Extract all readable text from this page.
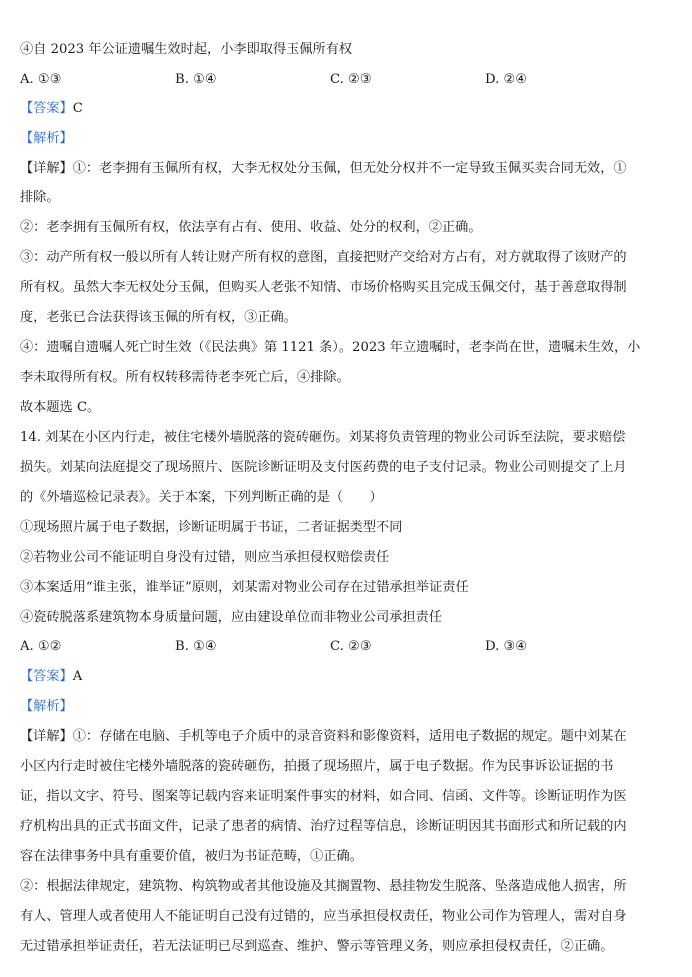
④自 2023 年公证遗嘱生效时起，小李即取得玉佩所有权
A. ①③	B. ①④	C. ②③	D. ②④
【答案】C
【解析】
【详解】①：老李拥有玉佩所有权，大李无权处分玉佩，但无处分权并不一定导致玉佩买卖合同无效，①
排除。
②：老李拥有玉佩所有权，依法享有占有、使用、收益、处分的权利，②正确。
③：动产所有权一般以所有人转让财产所有权的意图，直接把财产交给对方占有，对方就取得了该财产的
所有权。虽然大李无权处分玉佩，但购买人老张不知情、市场价格购买且完成玉佩交付，基于善意取得制
度，老张已合法获得该玉佩的所有权，③正确。
④：遗嘱自遗嘱人死亡时生效（《民法典》第 1121 条）。2023 年立遗嘱时，老李尚在世，遗嘱未生效，小
李未取得所有权。所有权转移需待老李死亡后，④排除。
故本题选 C。
14. 刘某在小区内行走，被住宅楼外墙脱落的瓷砖砸伤。刘某将负责管理的物业公司诉至法院，要求赔偿
损失。刘某向法庭提交了现场照片、医院诊断证明及支付医药费的电子支付记录。物业公司则提交了上月
的《外墙巡检记录表》。关于本案，下列判断正确的是（　　）
①现场照片属于电子数据，诊断证明属于书证，二者证据类型不同
②若物业公司不能证明自身没有过错，则应当承担侵权赔偿责任
③本案适用“谁主张，谁举证”原则，刘某需对物业公司存在过错承担举证责任
④瓷砖脱落系建筑物本身质量问题，应由建设单位而非物业公司承担责任
A. ①②	B. ①④	C. ②③	D. ③④
【答案】A
【解析】
【详解】①：存储在电脑、手机等电子介质中的录音资料和影像资料，适用电子数据的规定。题中刘某在
小区内行走时被住宅楼外墙脱落的瓷砖砸伤，拍摄了现场照片，属于电子数据。作为民事诉讼证据的书
证，指以文字、符号、图案等记载内容来证明案件事实的材料，如合同、信函、文件等。诊断证明作为医
疗机构出具的正式书面文件，记录了患者的病情、治疗过程等信息，诊断证明因其书面形式和所记载的内
容在法律事务中具有重要价值，被归为书证范畴，①正确。
②：根据法律规定，建筑物、构筑物或者其他设施及其搁置物、悬挂物发生脱落、坠落造成他人损害，所
有人、管理人或者使用人不能证明自己没有过错的，应当承担侵权责任，物业公司作为管理人，需对自身
无过错承担举证责任，若无法证明已尽到巡查、维护、警示等管理义务，则应承担侵权责任，②正确。
